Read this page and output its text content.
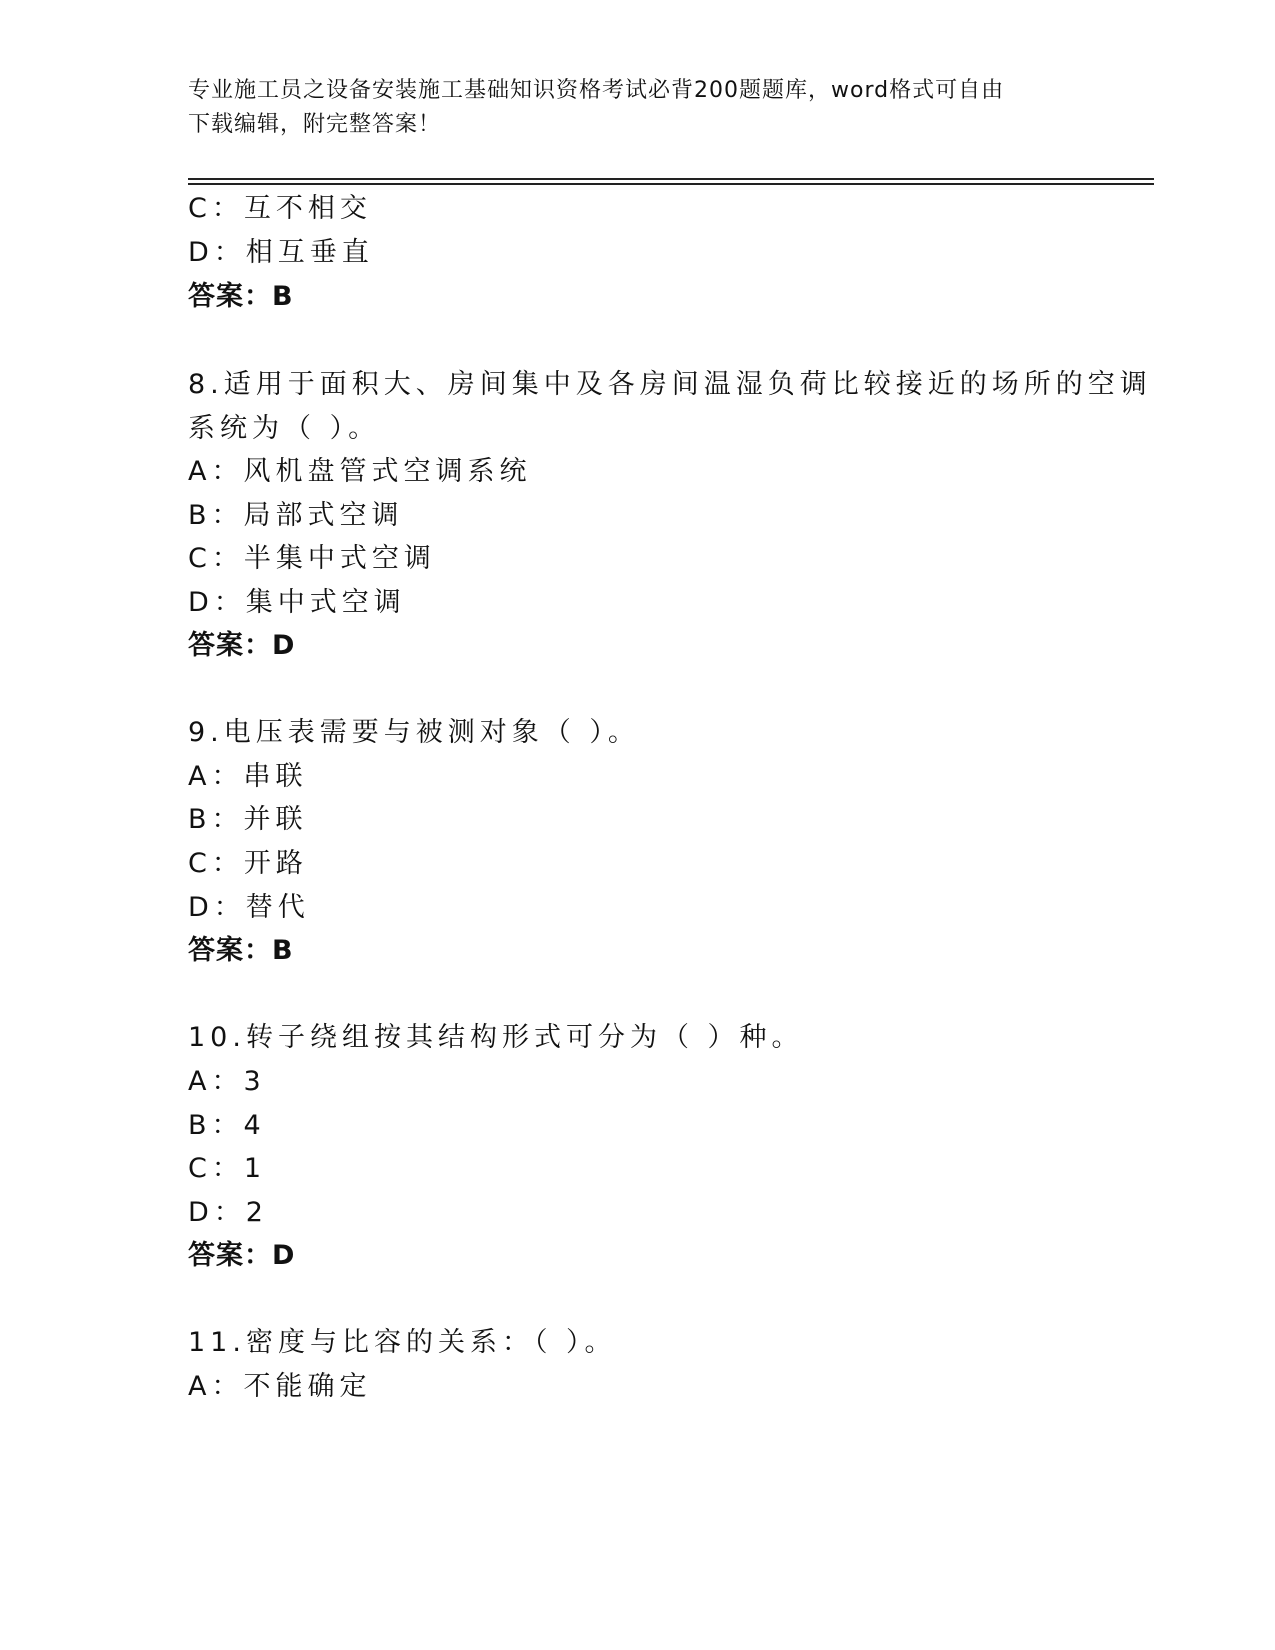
专业施工员之设备安装施工基础知识资格考试必背200题题库，word格式可自由
下载编辑，附完整答案！
C：互不相交
D：相互垂直
答案：B
8.适用于面积大、房间集中及各房间温湿负荷比较接近的场所的空调
系统为（ ）。
A：风机盘管式空调系统
B：局部式空调
C：半集中式空调
D：集中式空调
答案：D
9.电压表需要与被测对象（ ）。
A：串联
B：并联
C：开路
D：替代
答案：B
10.转子绕组按其结构形式可分为（ ）种。
A：3
B：4
C：1
D：2
答案：D
11.密度与比容的关系：（ ）。
A：不能确定
